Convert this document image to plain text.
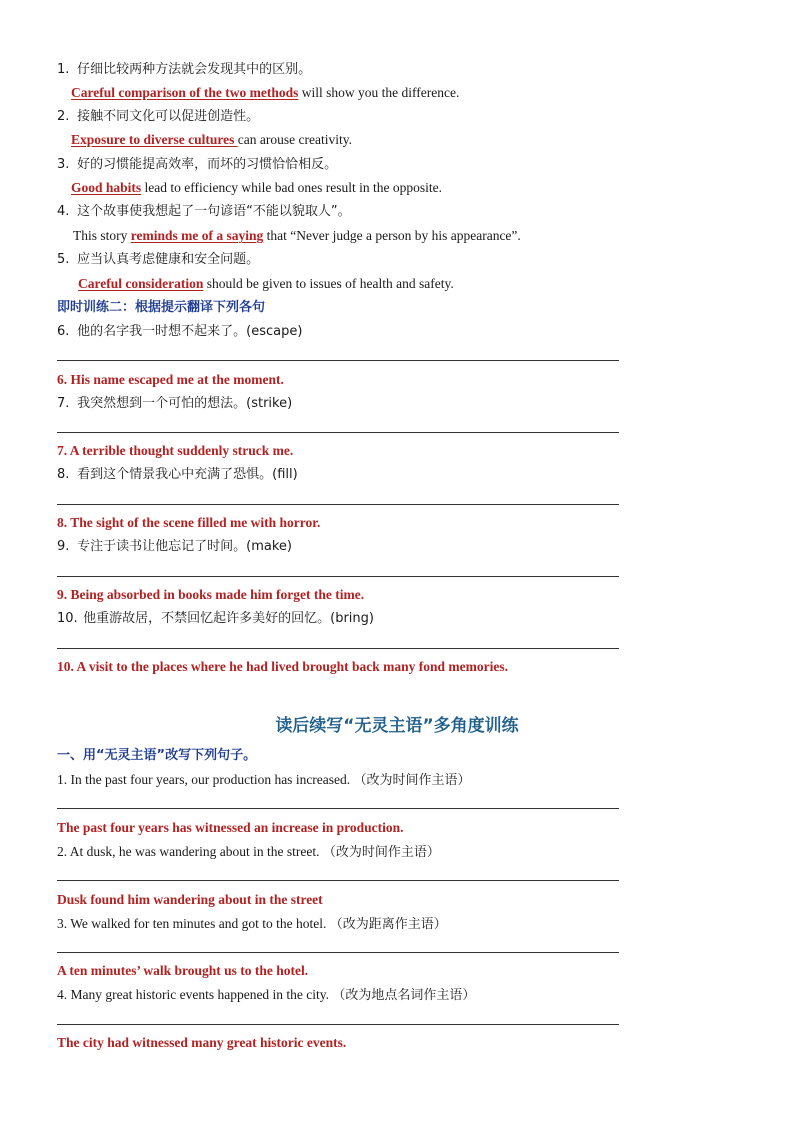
1. 仔细比较两种方法就会发现其中的区别。
Careful comparison of the two methods will show you the difference.
2. 接触不同文化可以促进创造性。
Exposure to diverse cultures can arouse creativity.
3. 好的习惯能提高效率，而坏的习惯恰恰相反。
Good habits lead to efficiency while bad ones result in the opposite.
4. 这个故事使我想起了一句谚语“不能以貌取人”。
This story reminds me of a saying that “Never judge a person by his appearance”.
5. 应当认真考虑健康和安全问题。
Careful consideration should be given to issues of health and safety.
即时训练二：根据提示翻译下列各句
6. 他的名字我一时想不起来了。(escape)
6. His name escaped me at the moment.
7. 我突然想到一个可怕的想法。(strike)
7. A terrible thought suddenly struck me.
8. 看到这个情景我心中充满了恐惧。(fill)
8. The sight of the scene filled me with horror.
9. 专注于读书让他忘记了时间。(make)
9. Being absorbed in books made him forget the time.
10. 他重游故居，不禁回忆起许多美好的回忆。(bring)
10. A visit to the places where he had lived brought back many fond memories.
读后续写“无灵主语”多角度训练
一、用“无灵主语”改写下列句子。
1. In the past four years, our production has increased. （改为时间作主语）
The past four years has witnessed an increase in production.
2. At dusk, he was wandering about in the street. （改为时间作主语）
Dusk found him wandering about in the street
3. We walked for ten minutes and got to the hotel. （改为距离作主语）
A ten minutes’ walk brought us to the hotel.
4. Many great historic events happened in the city. （改为地点名词作主语）
The city had witnessed many great historic events.
